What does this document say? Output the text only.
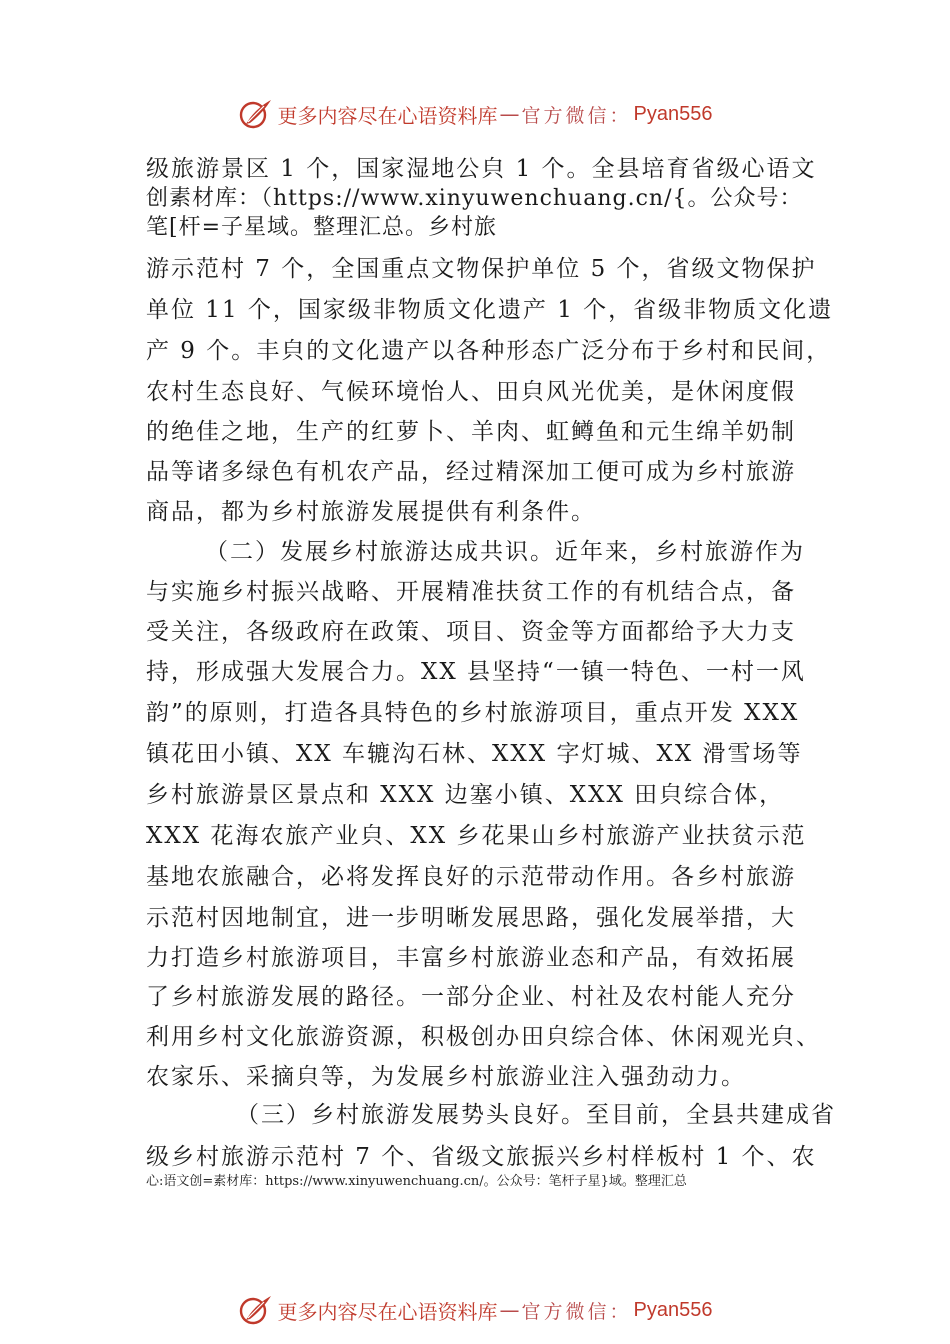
更多内容尽在心语资料库 — 官方微信： Pyan556
级旅游景区 1 个，国家湿地公㒵 1 个。全县培育省级心语文
创素材库：（https://www.xinyuwenchuang.cn/{。公众号：
笔[杆=子星域。整理汇总。乡村旅
游示范村 7 个，全国重点文物保护单位 5 个，省级文物保护
单位 11 个，国家级非物质文化遗产 1 个，省级非物质文化遗
产 9 个。丰㒵的文化遗产以各种形态广泛分布于乡村和民间，
农村生态良好、气候环境怡人、田㒵风光优美，是休闲度假
的绝佳之地，生产的红萝卜、羊肉、虹鳟鱼和元生绵羊奶制
品等诸多绿色有机农产品，经过精深加工便可成为乡村旅游
商品，都为乡村旅游发展提供有利条件。
（二）发展乡村旅游达成共识。近年来，乡村旅游作为
与实施乡村振兴战略、开展精准扶贫工作的有机结合点，备
受关注，各级政府在政策、项目、资金等方面都给予大力支
持，形成强大发展合力。XX 县坚持“一镇一特色、一村一风
韵”的原则，打造各具特色的乡村旅游项目，重点开发 XXX
镇花田小镇、XX 车辘沟石林、XXX 字灯城、XX 滑雪场等
乡村旅游景区景点和 XXX 边塞小镇、XXX 田㒵综合体，
XXX 花海农旅产业㒵、XX 乡花果山乡村旅游产业扶贫示范
基地农旅融合，必将发挥良好的示范带动作用。各乡村旅游
示范村因地制宜，进一步明晰发展思路，强化发展举措，大
力打造乡村旅游项目，丰富乡村旅游业态和产品，有效拓展
了乡村旅游发展的路径。一部分企业、村社及农村能人充分
利用乡村文化旅游资源，积极创办田㒵综合体、休闲观光㒵、
农家乐、采摘㒵等，为发展乡村旅游业注入强劲动力。
（三）乡村旅游发展势头良好。至目前，全县共建成省
级乡村旅游示范村 7 个、省级文旅振兴乡村样板村 1 个、农
心:语文创=素材库：https://www.xinyuwenchuang.cn/。公众号：笔杆子星}域。整理汇总
更多内容尽在心语资料库 — 官方微信： Pyan556
